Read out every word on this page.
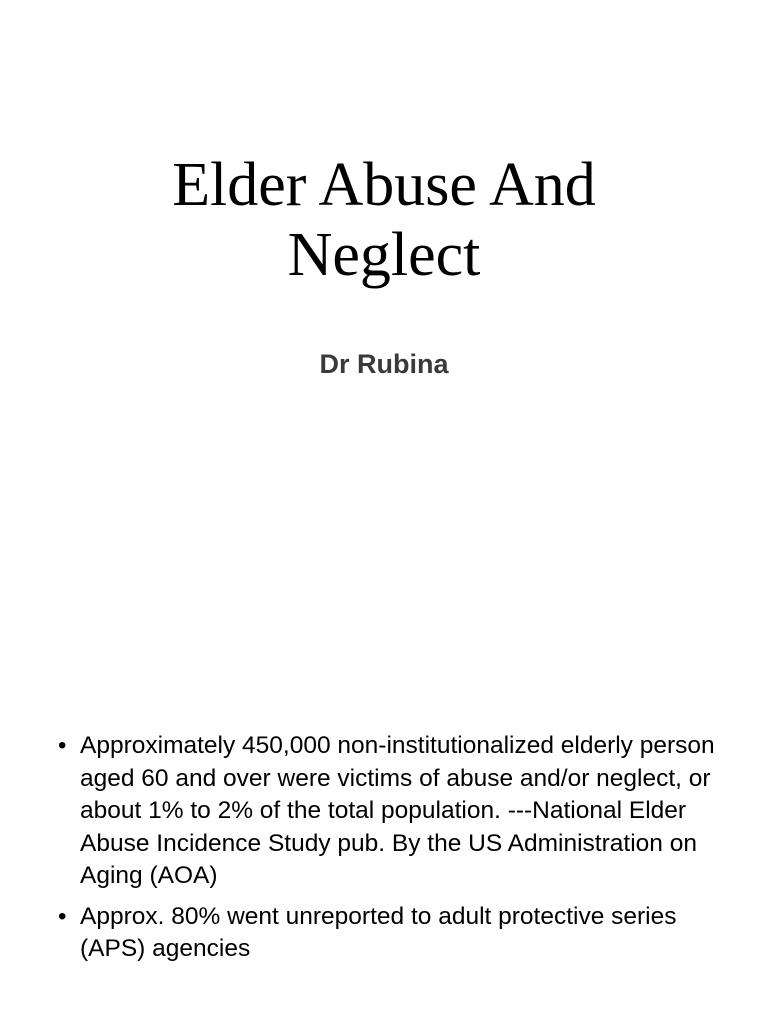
Elder Abuse And
Neglect
Dr Rubina
• Approximately 450,000 non-institutionalized elderly person aged 60 and over were victims of abuse and/or neglect, or about 1% to 2% of the total population. ---National Elder Abuse Incidence Study pub. By the US Administration on Aging (AOA)
• Approx. 80% went unreported to adult protective series (APS) agencies
